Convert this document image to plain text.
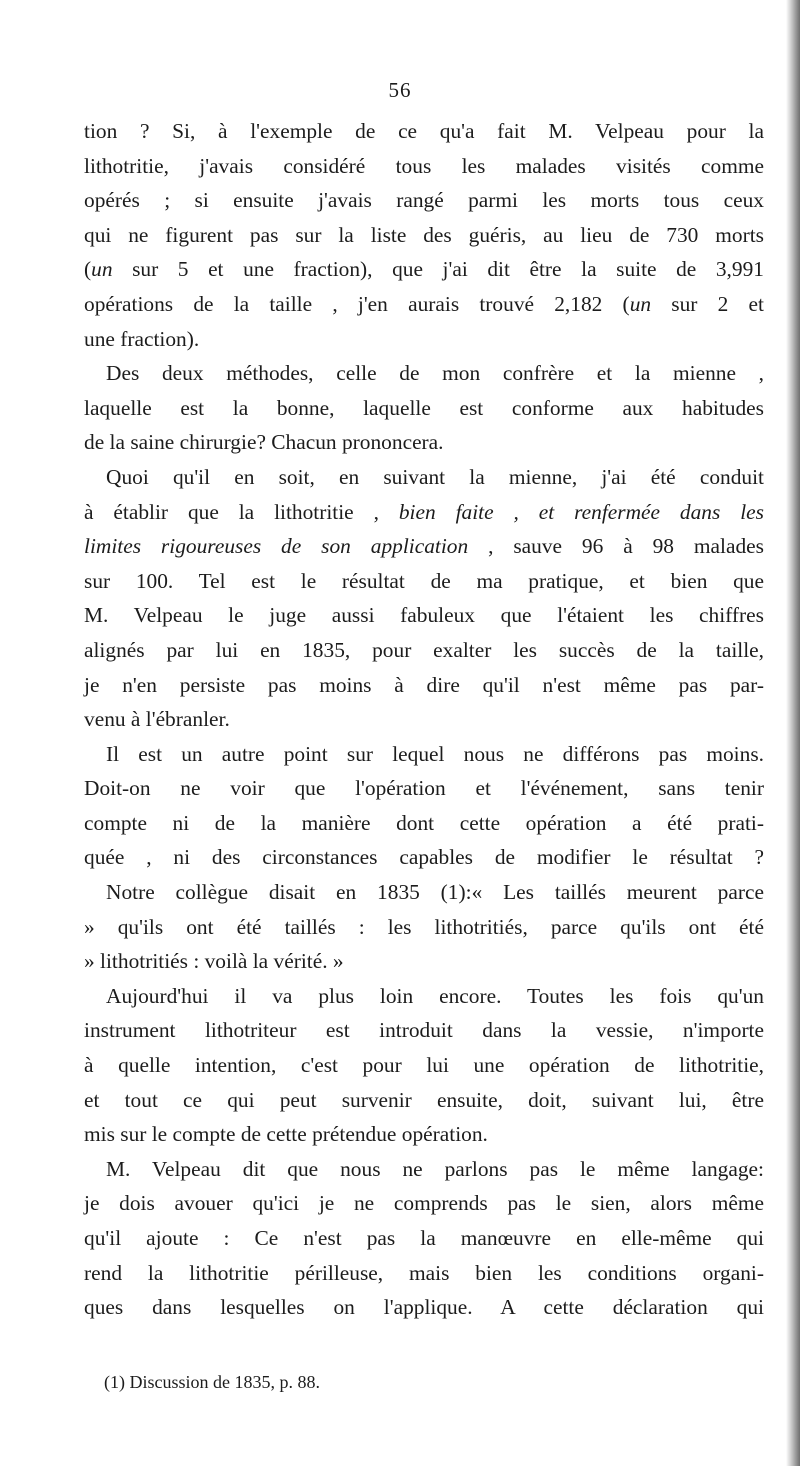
56
tion ? Si, à l'exemple de ce qu'a fait M. Velpeau pour la
lithotritie, j'avais considéré tous les malades visités comme
opérés ; si ensuite j'avais rangé parmi les morts tous ceux
qui ne figurent pas sur la liste des guéris, au lieu de 730 morts
(un sur 5 et une fraction), que j'ai dit être la suite de 3,991
opérations de la taille , j'en aurais trouvé 2,182 (un sur 2 et
une fraction).
Des deux méthodes, celle de mon confrère et la mienne ,
laquelle est la bonne, laquelle est conforme aux habitudes
de la saine chirurgie? Chacun prononcera.
Quoi qu'il en soit, en suivant la mienne, j'ai été conduit
à établir que la lithotritie , bien faite , et renfermée dans les
limites rigoureuses de son application , sauve 96 à 98 malades
sur 100. Tel est le résultat de ma pratique, et bien que
M. Velpeau le juge aussi fabuleux que l'étaient les chiffres
alignés par lui en 1835, pour exalter les succès de la taille,
je n'en persiste pas moins à dire qu'il n'est même pas par-
venu à l'ébranler.
Il est un autre point sur lequel nous ne différons pas moins.
Doit-on ne voir que l'opération et l'événement, sans tenir
compte ni de la manière dont cette opération a été prati-
quée , ni des circonstances capables de modifier le résultat ?
Notre collègue disait en 1835 (1):« Les taillés meurent parce
» qu'ils ont été taillés : les lithotritiés, parce qu'ils ont été
» lithotritiés : voilà la vérité. »
Aujourd'hui il va plus loin encore. Toutes les fois qu'un
instrument lithotriteur est introduit dans la vessie, n'importe
à quelle intention, c'est pour lui une opération de lithotritie,
et tout ce qui peut survenir ensuite, doit, suivant lui, être
mis sur le compte de cette prétendue opération.
M. Velpeau dit que nous ne parlons pas le même langage:
je dois avouer qu'ici je ne comprends pas le sien, alors même
qu'il ajoute : Ce n'est pas la manœuvre en elle-même qui
rend la lithotritie périlleuse, mais bien les conditions organi-
ques dans lesquelles on l'applique. A cette déclaration qui
(1) Discussion de 1835, p. 88.
